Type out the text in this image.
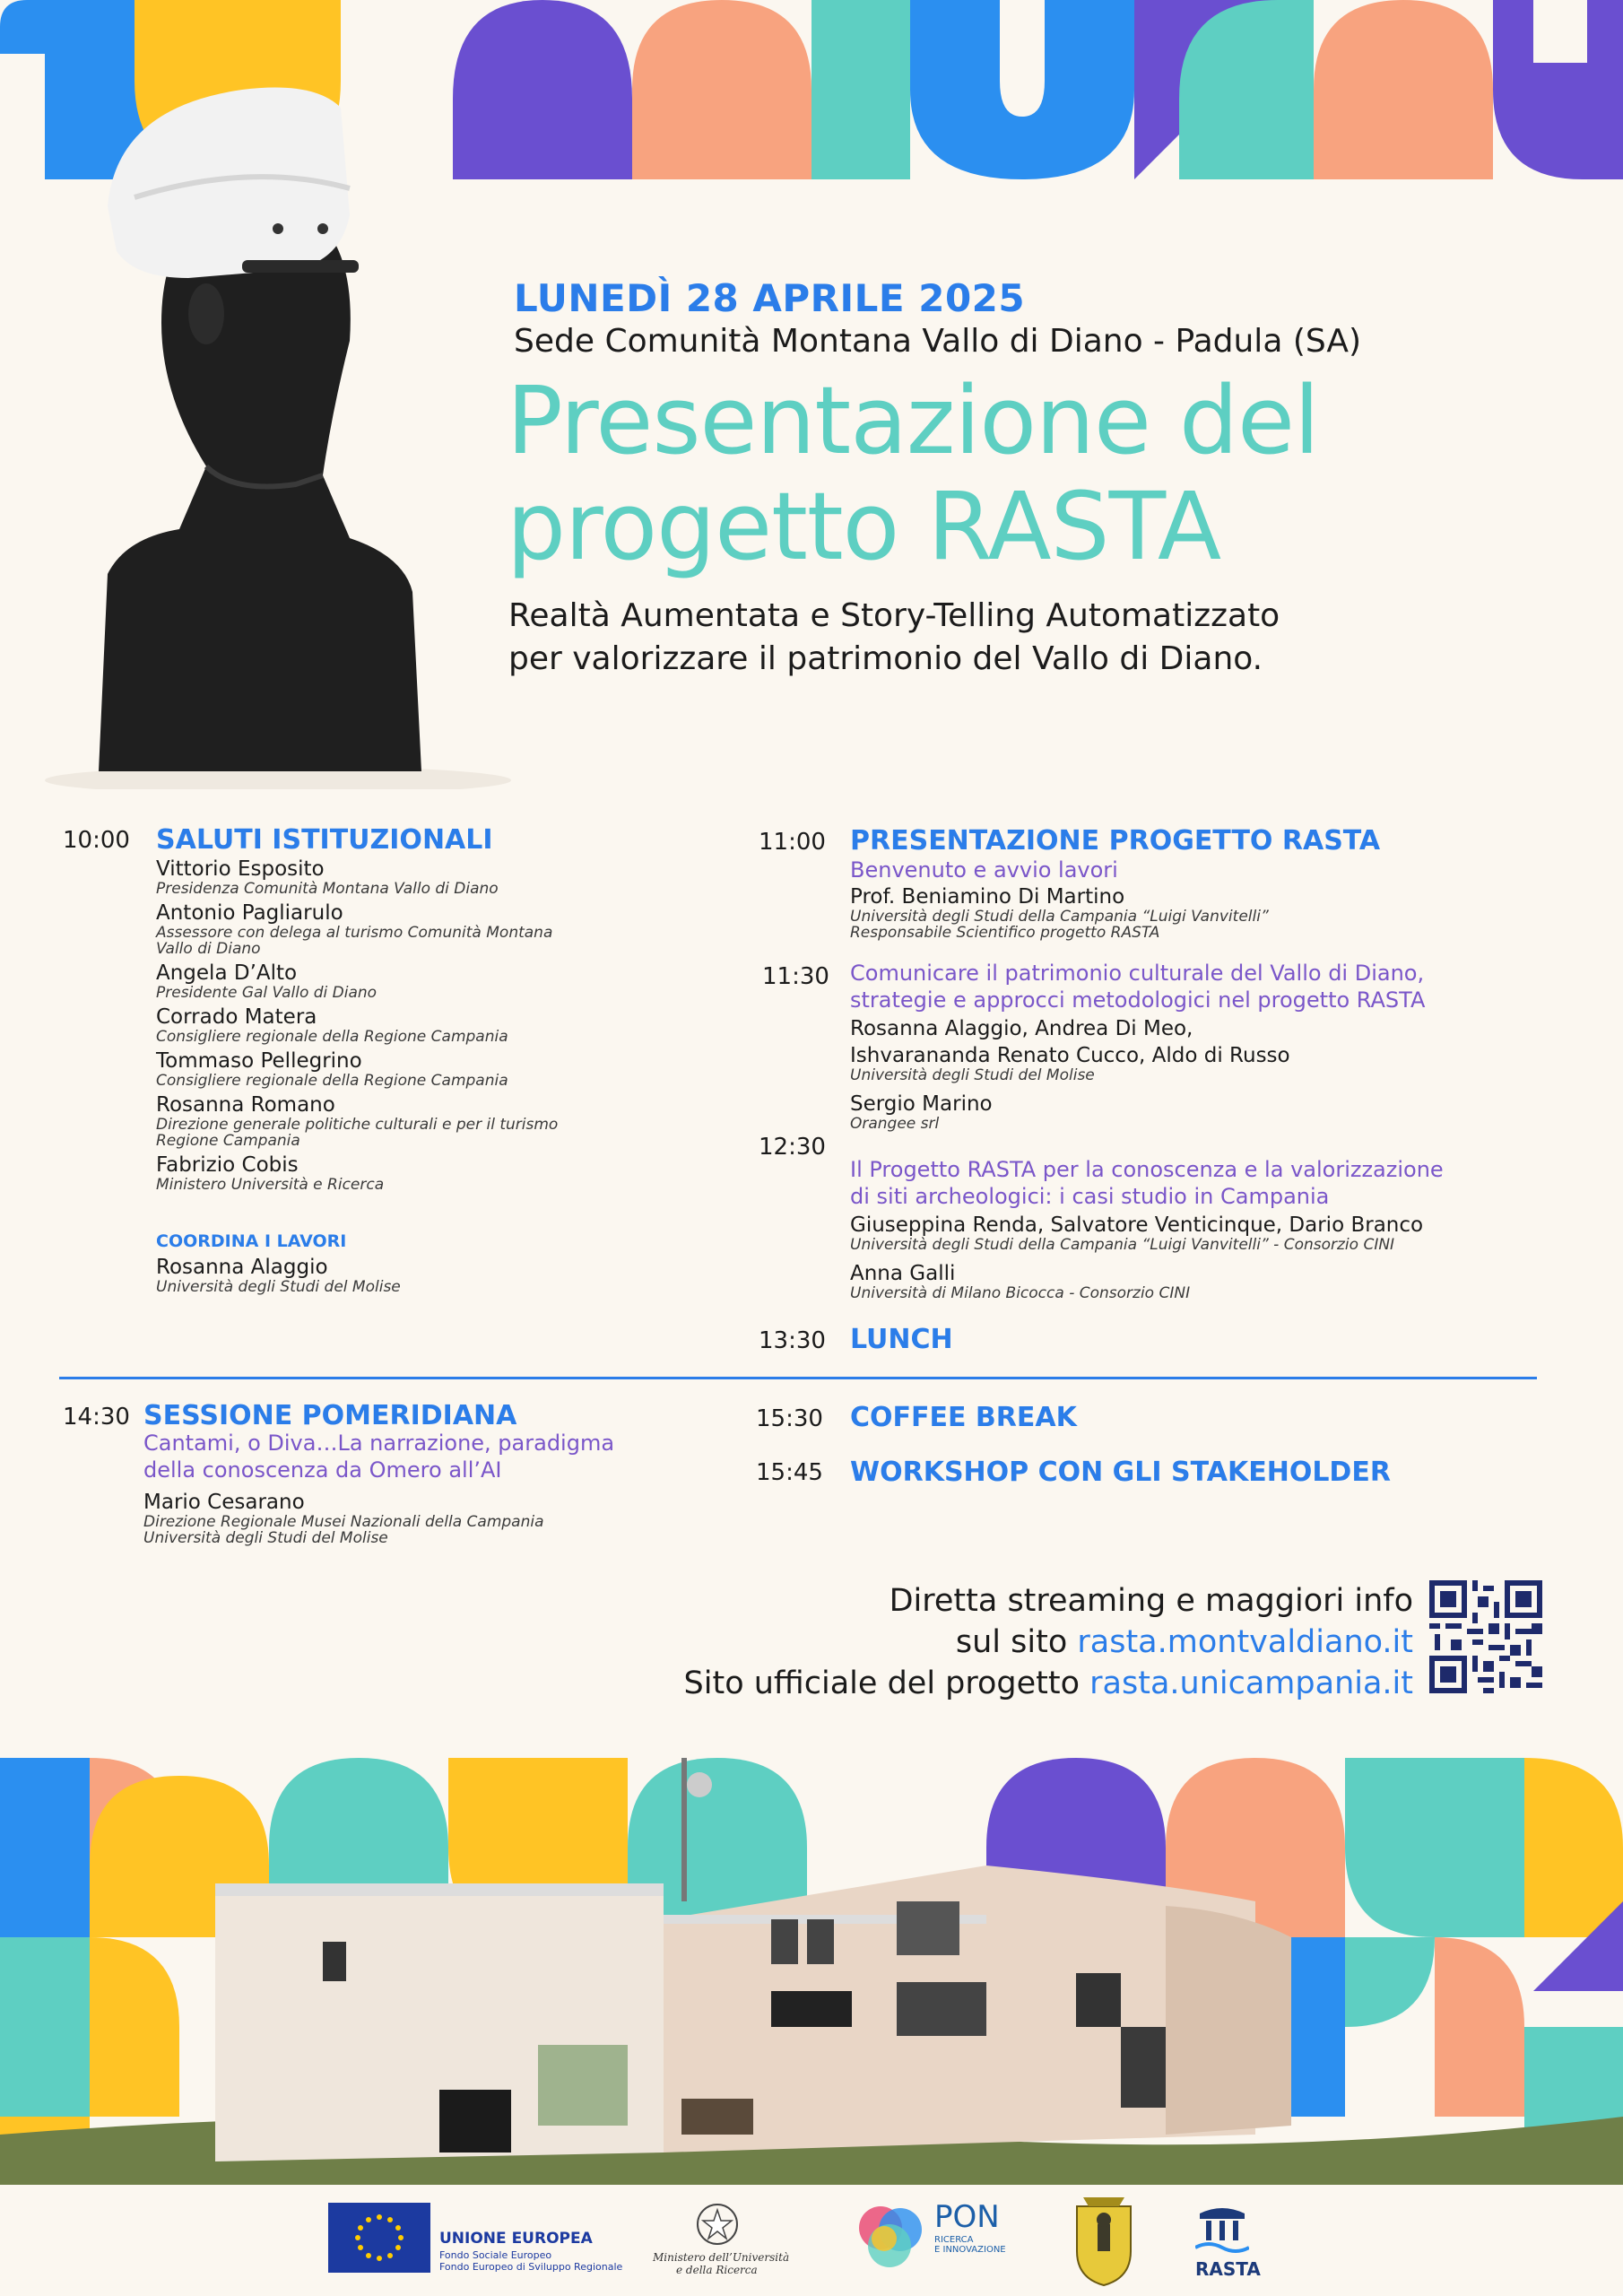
LUNEDÌ 28 APRILE 2025
Sede Comunità Montana Vallo di Diano - Padula (SA)
Presentazione del
progetto RASTA
Realtà Aumentata e Story-Telling Automatizzato
per valorizzare il patrimonio del Vallo di Diano.
10:00 SALUTI ISTITUZIONALI
Vittorio Esposito
Presidenza Comunità Montana Vallo di Diano
Antonio Pagliarulo
Assessore con delega al turismo Comunità Montana
Vallo di Diano
Angela D’Alto
Presidente Gal Vallo di Diano
Corrado Matera
Consigliere regionale della Regione Campania
Tommaso Pellegrino
Consigliere regionale della Regione Campania
Rosanna Romano
Direzione generale politiche culturali e per il turismo
Regione Campania
Fabrizio Cobis
Ministero Università e Ricerca
COORDINA I LAVORI
Rosanna Alaggio
Università degli Studi del Molise
11:00 PRESENTAZIONE PROGETTO RASTA
Benvenuto e avvio lavori
Prof. Beniamino Di Martino
Università degli Studi della Campania “Luigi Vanvitelli”
Responsabile Scientifico progetto RASTA
11:30 Comunicare il patrimonio culturale del Vallo di Diano,
strategie e approcci metodologici nel progetto RASTA
Rosanna Alaggio, Andrea Di Meo,
Ishvarananda Renato Cucco, Aldo di Russo
Università degli Studi del Molise
Sergio Marino
Orangee srl
12:30
Il Progetto RASTA per la conoscenza e la valorizzazione
di siti archeologici: i casi studio in Campania
Giuseppina Renda, Salvatore Venticinque, Dario Branco
Università degli Studi della Campania “Luigi Vanvitelli” - Consorzio CINI
Anna Galli
Università di Milano Bicocca - Consorzio CINI
13:30 LUNCH
14:30 SESSIONE POMERIDIANA
Cantami, o Diva…La narrazione, paradigma
della conoscenza da Omero all’AI
Mario Cesarano
Direzione Regionale Musei Nazionali della Campania
Università degli Studi del Molise
15:30 COFFEE BREAK
15:45 WORKSHOP CON GLI STAKEHOLDER
Diretta streaming e maggiori info
sul sito rasta.montvaldiano.it
Sito ufficiale del progetto rasta.unicampania.it
UNIONE EUROPEA
Fondo Sociale Europeo
Fondo Europeo di Sviluppo Regionale
Ministero dell’Università
e della Ricerca
PON
RICERCA
E INNOVAZIONE
RASTA
